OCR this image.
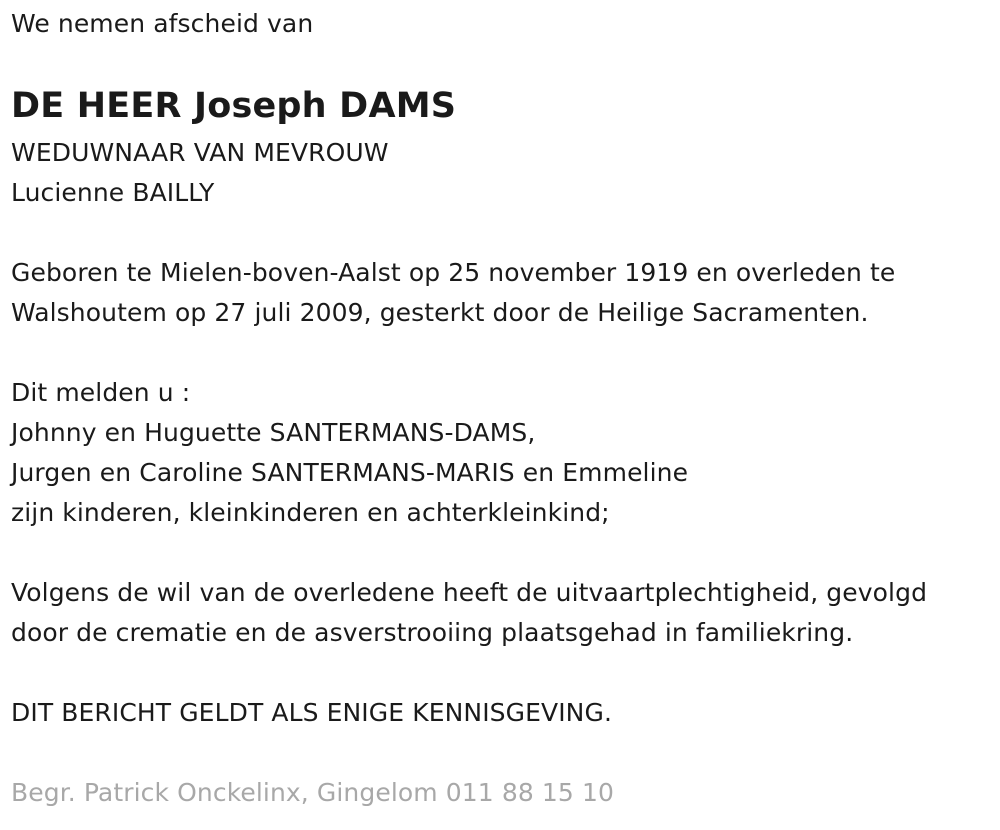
We nemen afscheid van
DE HEER Joseph DAMS
WEDUWNAAR VAN MEVROUW
Lucienne BAILLY
Geboren te Mielen-boven-Aalst op 25 november 1919 en overleden te
Walshoutem op 27 juli 2009, gesterkt door de Heilige Sacramenten.
Dit melden u :
Johnny en Huguette SANTERMANS-DAMS,
Jurgen en Caroline SANTERMANS-MARIS en Emmeline
zijn kinderen, kleinkinderen en achterkleinkind;
Volgens de wil van de overledene heeft de uitvaartplechtigheid, gevolgd
door de crematie en de asverstrooiing plaatsgehad in familiekring.
DIT BERICHT GELDT ALS ENIGE KENNISGEVING.
Begr. Patrick Onckelinx, Gingelom 011 88 15 10
